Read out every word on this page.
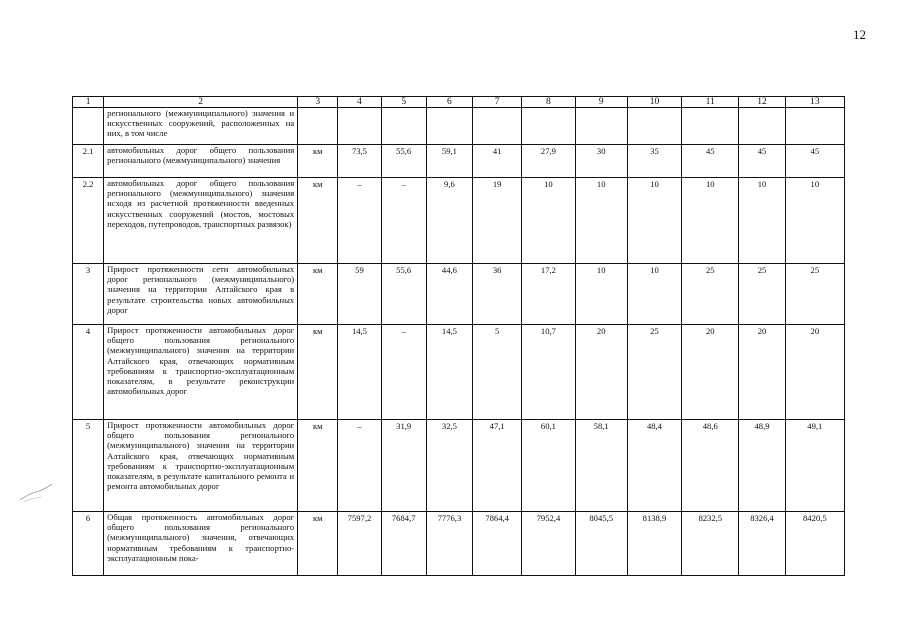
12
1	2	3	4	5	6	7	8	9	10	11	12	13
	регионального (межмуниципального) значения и искусственных сооружений, расположенных на них, в том числе											
2.1	автомобильных дорог общего пользования регионального (межмуниципального) значения	км	73,5	55,6	59,1	41	27,9	30	35	45	45	45
2.2	автомобильных дорог общего пользования регионального (межмуниципального) значения исходя из расчетной протяженности введенных искусственных сооружений (мостов, мостовых переходов, путепроводов, транспортных развязок)	км	–	–	9,6	19	10	10	10	10	10	10
3	Прирост протяженности сети автомобильных дорог регионального (межмуниципального) значения на территории Алтайского края в результате строительства новых автомобильных дорог	км	59	55,6	44,6	36	17,2	10	10	25	25	25
4	Прирост протяженности автомобильных дорог общего пользования регионального (межмуниципального) значения на территории Алтайского края, отвечающих нормативным требованиям к транспортно-эксплуатационным показателям, в результате реконструкции автомобильных дорог	км	14,5	–	14,5	5	10,7	20	25	20	20	20
5	Прирост протяженности автомобильных дорог общего пользования регионального (межмуниципального) значения на территории Алтайского края, отвечающих нормативным требованиям к транспортно-эксплуатационным показателям, в результате капитального ремонта и ремонта автомобильных дорог	км	–	31,9	32,5	47,1	60,1	58,1	48,4	48,6	48,9	49,1
6	Общая протяженность автомобильных дорог общего пользования регионального (межмуниципального) значения, отвечающих нормативным требованиям к транспортно-эксплуатационным пока-	км	7597,2	7684,7	7776,3	7864,4	7952,4	8045,5	8138,9	8232,5	8326,4	8420,5
